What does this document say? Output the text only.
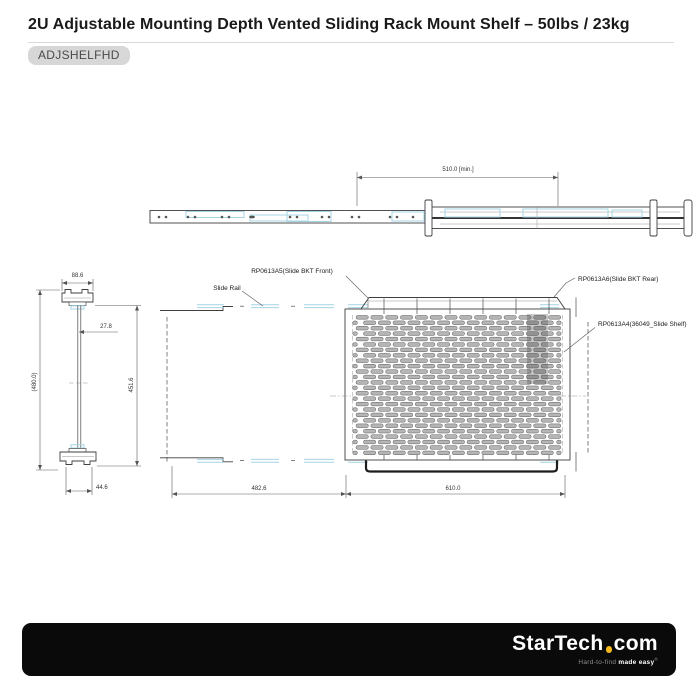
2U Adjustable Mounting Depth Vented Sliding Rack Mount Shelf – 50lbs / 23kg
ADJSHELFHD
510.0 [min.]
88.6
27.8
451.6
(480.0)
44.6
Slide Rail
RP0613A5(Slide BKT Front)
RP0613A6(Slide BKT Rear)
RP0613A4(36049_Slide Shelf)
482.6	610.0
StarTech com
Hard-to-find made easy®
